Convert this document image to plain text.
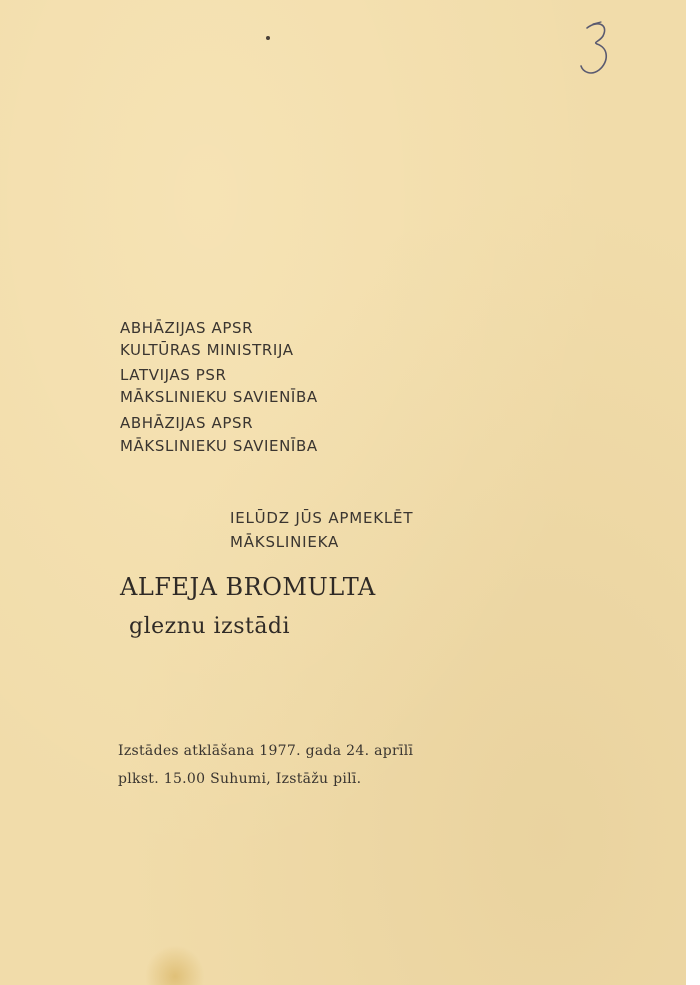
ABHĀZIJAS APSR
KULTŪRAS MINISTRIJA
LATVIJAS PSR
MĀKSLINIEKU SAVIENĪBA
ABHĀZIJAS APSR
MĀKSLINIEKU SAVIENĪBA
IELŪDZ JŪS APMEKLĒT
MĀKSLINIEKA
ALFEJA BROMULTA
gleznu izstādi
Izstādes atklāšana 1977. gada 24. aprīlī
plkst. 15.00 Suhumi, Izstāžu pilī.
